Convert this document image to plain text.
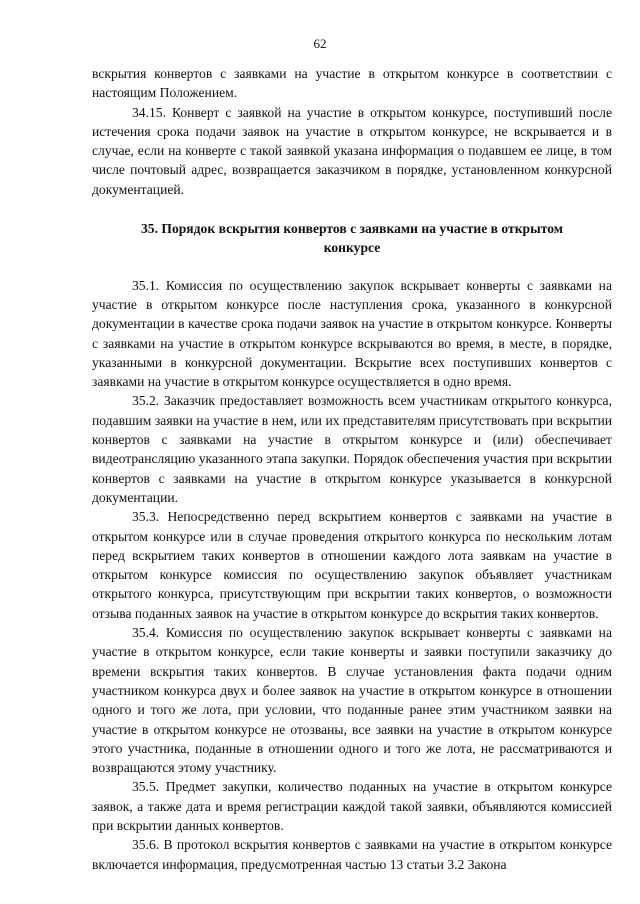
62

вскрытия конвертов с заявками на участие в открытом конкурсе в соответствии с настоящим Положением.

34.15. Конверт с заявкой на участие в открытом конкурсе, поступивший после истечения срока подачи заявок на участие в открытом конкурсе, не вскрывается и в случае, если на конверте с такой заявкой указана информация о подавшем ее лице, в том числе почтовый адрес, возвращается заказчиком в порядке, установленном конкурсной документацией.

35. Порядок вскрытия конвертов с заявками на участие в открытом конкурсе

35.1. Комиссия по осуществлению закупок вскрывает конверты с заявками на участие в открытом конкурсе после наступления срока, указанного в конкурсной документации в качестве срока подачи заявок на участие в открытом конкурсе. Конверты с заявками на участие в открытом конкурсе вскрываются во время, в месте, в порядке, указанными в конкурсной документации. Вскрытие всех поступивших конвертов с заявками на участие в открытом конкурсе осуществляется в одно время.

35.2. Заказчик предоставляет возможность всем участникам открытого конкурса, подавшим заявки на участие в нем, или их представителям присутствовать при вскрытии конвертов с заявками на участие в открытом конкурсе и (или) обеспечивает видеотрансляцию указанного этапа закупки. Порядок обеспечения участия при вскрытии конвертов с заявками на участие в открытом конкурсе указывается в конкурсной документации.

35.3. Непосредственно перед вскрытием конвертов с заявками на участие в открытом конкурсе или в случае проведения открытого конкурса по нескольким лотам перед вскрытием таких конвертов в отношении каждого лота заявкам на участие в открытом конкурсе комиссия по осуществлению закупок объявляет участникам открытого конкурса, присутствующим при вскрытии таких конвертов, о возможности отзыва поданных заявок на участие в открытом конкурсе до вскрытия таких конвертов.

35.4. Комиссия по осуществлению закупок вскрывает конверты с заявками на участие в открытом конкурсе, если такие конверты и заявки поступили заказчику до времени вскрытия таких конвертов. В случае установления факта подачи одним участником конкурса двух и более заявок на участие в открытом конкурсе в отношении одного и того же лота, при условии, что поданные ранее этим участником заявки на участие в открытом конкурсе не отозваны, все заявки на участие в открытом конкурсе этого участника, поданные в отношении одного и того же лота, не рассматриваются и возвращаются этому участнику.

35.5. Предмет закупки, количество поданных на участие в открытом конкурсе заявок, а также дата и время регистрации каждой такой заявки, объявляются комиссией при вскрытии данных конвертов.

35.6. В протокол вскрытия конвертов с заявками на участие в открытом конкурсе включается информация, предусмотренная частью 13 статьи 3.2 Закона
